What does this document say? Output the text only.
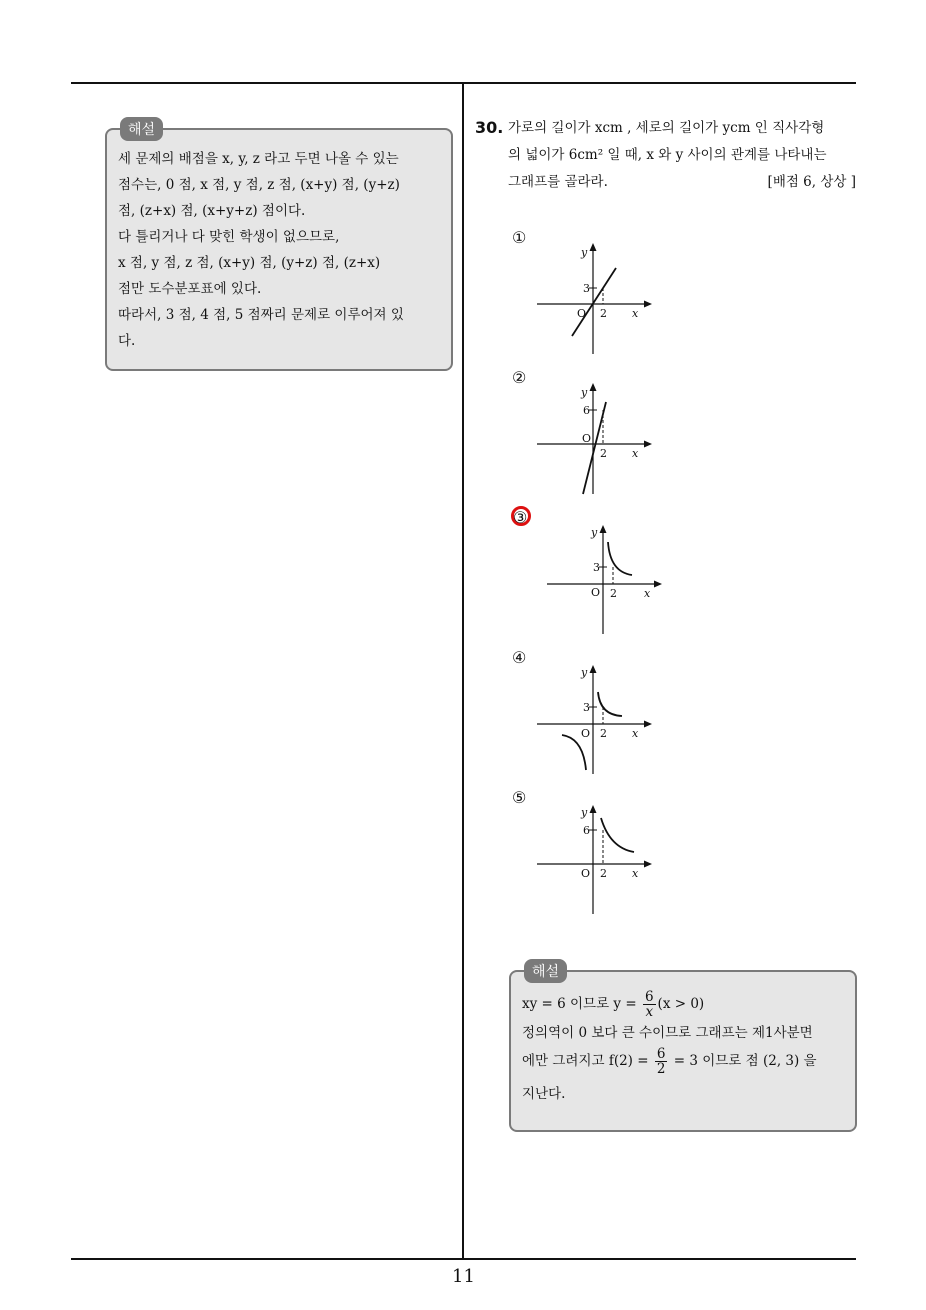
해설

세 문제의 배점을 x, y, z 라고 두면 나올 수 있는

점수는, 0 점, x 점, y 점, z 점, (x+y) 점, (y+z)

점, (z+x) 점, (x+y+z) 점이다.

다 틀리거나 다 맞힌 학생이 없으므로,

x 점, y 점, z 점, (x+y) 점, (y+z) 점, (z+x)

점만 도수분포표에 있다.

따라서, 3 점, 4 점, 5 점짜리 문제로 이루어져 있

다.

30. 가로의 길이가 xcm , 세로의 길이가 ycm 인 직사각형

의 넓이가 6cm² 일 때, x 와 y 사이의 관계를 나타내는

그래프를 골라라.	[배점 6, 상상 ]

①
y
3
O 2 x
②
y
6
O
2 x
③
y
3
O 2 x
④
y
3
O 2 x
⑤
y
6
O 2 x
해설

xy = 6 이므로 $y = \frac{6}{x} (x > 0)$

정의역이 0 보다 큰 수이므로 그래프는 제1사분면

에만 그려지고 $f(2) = \frac{6}{2} = 3$ 이므로 점 (2, 3) 을

지난다.

11
